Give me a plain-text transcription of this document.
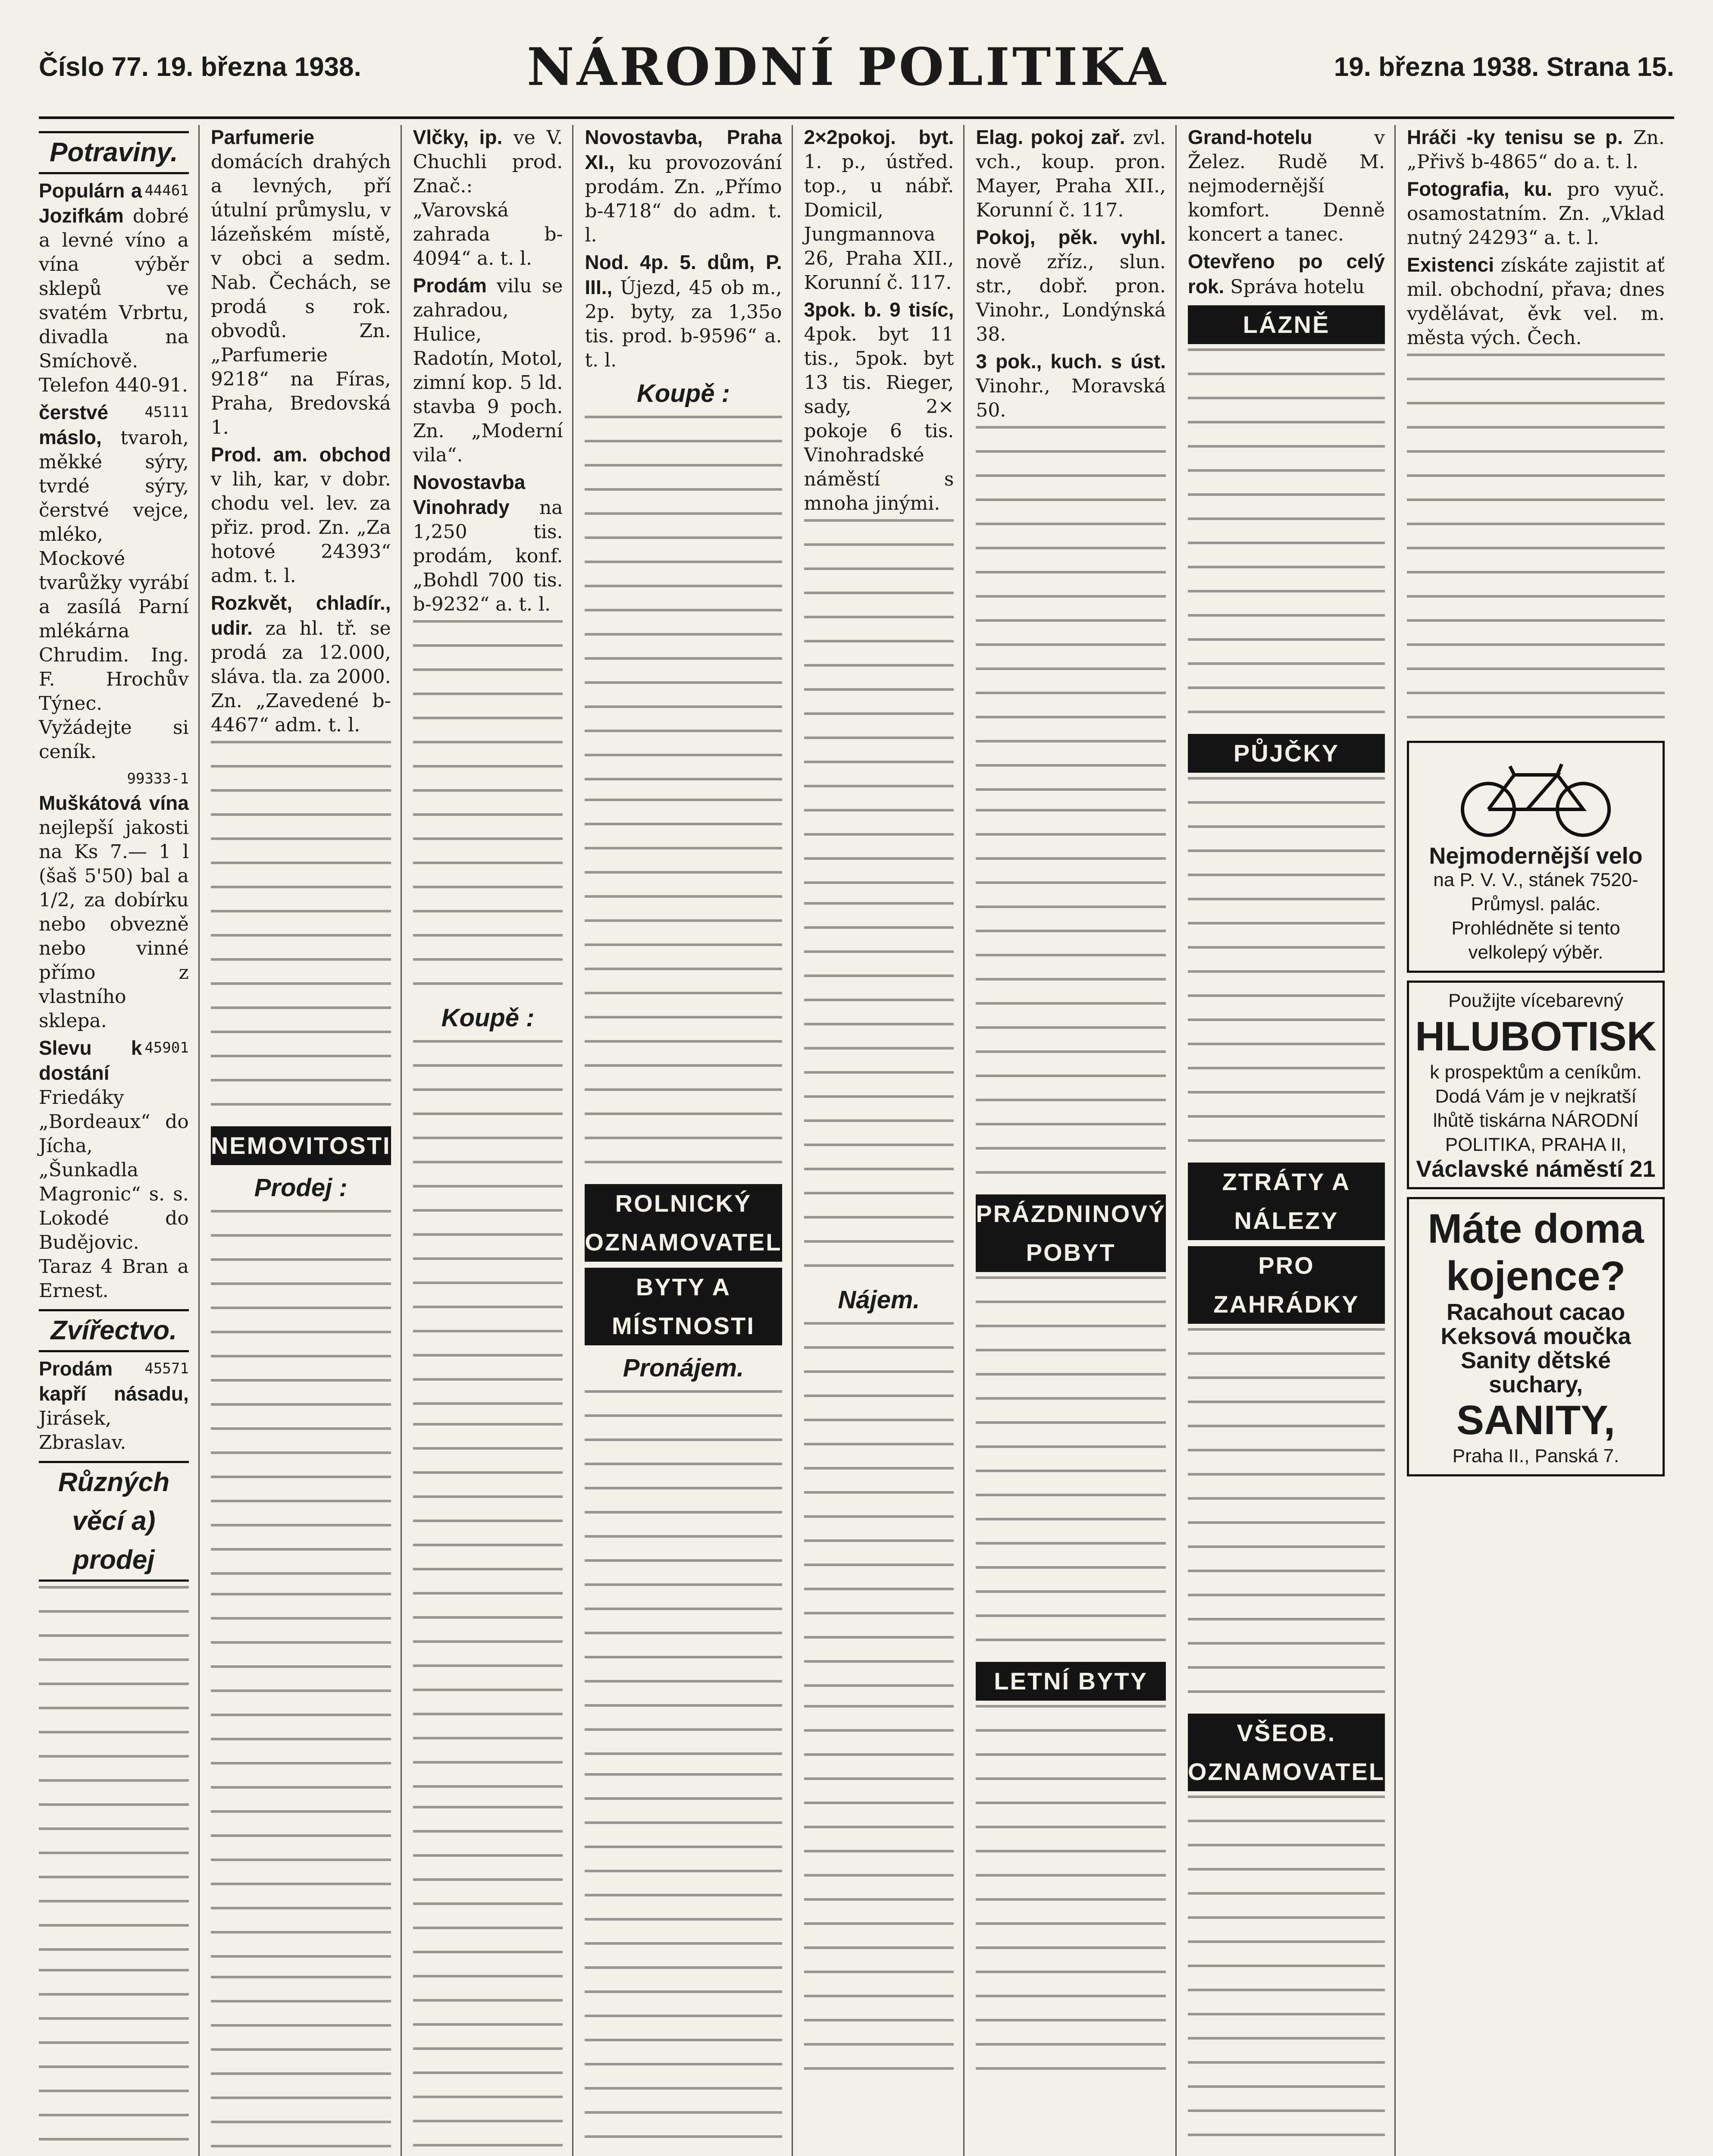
Číslo 77. 19. března 1938.	NÁRODNÍ POLITIKA	19. března 1938. Strana 15.
Potraviny.
44461
Populárn a Jozifkám dobré a levné víno a vína výběr sklepů ve svatém Vrbrtu, divadla na Smíchově. Telefon 440-91.
45111
čerstvé máslo, tvaroh, měkké sýry, tvrdé sýry, čerstvé vejce, mléko, Mockové tvarůžky vyrábí a zasílá Parní mlékárna Chrudim. Ing. F. Hrochův Týnec. Vyžádejte si ceník.
99333-1
Muškátová vína nejlepší jakosti na Ks 7.— 1 l (šaš 5'50) bal a 1/2, za dobírku nebo obvezně nebo vinné přímo z vlastního sklepa.
45901
Slevu k dostání Friedáky „Bordeaux“ do Jícha, „Šunkadla Magronic“ s. s. Lokodé do Budějovic. Taraz 4 Bran a Ernest.
Zvířectvo.
45571
Prodám kapří násadu, Jirásek, Zbraslav.
Různých věcí a) prodej
Parfumerie domácích drahých a levných, pří útulní průmyslu, v lázeňském místě, v obci a sedm. Nab. Čechách, se prodá s rok. obvodů. Zn. „Parfumerie 9218“ na Fíras, Praha, Bredovská 1.
Prod. am. obchod v lih, kar, v dobr. chodu vel. lev. za přiz. prod. Zn. „Za hotové 24393“ adm. t. l.
Rozkvět, chladír., udir. za hl. tř. se prodá za 12.000, sláva. tla. za 2000. Zn. „Zavedené b-4467“ adm. t. l.
NEMOVITOSTI
Prodej :
Vlčky, ip. ve V. Chuchli prod. Znač.: „Varovská zahrada b-4094“ a. t. l.
Prodám vilu se zahradou, Hulice, Radotín, Motol, zimní kop. 5 ld. stavba 9 poch. Zn. „Moderní vila“.
Novostavba Vinohrady na 1,250 tis. prodám, konf. „Bohdl 700 tis. b-9232“ a. t. l.
Koupě :
Novostavba, Praha XI., ku provozování prodám. Zn. „Přímo b-4718“ do adm. t. l.
Nod. 4p. 5. dům, P. III., Újezd, 45 ob m., 2p. byty, za 1,35o tis. prod. b-9596“ a. t. l.
Koupě :
ROLNICKÝ OZNAMOVATEL
BYTY A MÍSTNOSTI
Pronájem.
2×2pokoj. byt. 1. p., ústřed. top., u nábř. Domicil, Jungmannova 26, Praha XII., Korunní č. 117.
3pok. b. 9 tisíc, 4pok. byt 11 tis., 5pok. byt 13 tis. Rieger, sady, 2× pokoje 6 tis. Vinohradské náměstí s mnoha jinými.
Nájem.
Elag. pokoj zař. zvl. vch., koup. pron. Mayer, Praha XII., Korunní č. 117.
Pokoj, pěk. vyhl. nově zříz., slun. str., dobř. pron. Vinohr., Londýnská 38.
3 pok., kuch. s úst. Vinohr., Moravská 50.
PRÁZDNINOVÝ POBYT
LETNÍ BYTY
Grand-hotelu	v Želez. Rudě M. nejmodernější komfort. Denně koncert a tanec.
Otevřeno po celý rok. Správa hotelu
LÁZNĚ
PŮJČKY
ZTRÁTY A NÁLEZY
PRO ZAHRÁDKY
VŠEOB. OZNAMOVATEL
Hráči -ky tenisu se p. Zn. „Přivš b-4865“ do a. t. l.
Fotografia, ku. pro vyuč. osamostatním. Zn. „Vklad nutný 24293“ a. t. l.
Existenci získáte zajistit ať mil. obchodní, přava; dnes vydělávat, ěvk vel. m. města vých. Čech.
Nejmodernější velo
na P. V. V., stánek 7520- Průmysl. palác.
Prohlédněte si tento velkolepý výběr.
Použijte vícebarevný
HLUBOTISK
k prospektům a ceníkům.
Dodá Vám je v nejkratší lhůtě tiskárna NÁRODNÍ POLITIKA, PRAHA II,
Václavské náměstí 21
Máte doma kojence?
Racahout cacao
Keksová moučka
Sanity dětské suchary,
SANITY,
Praha II., Panská 7.
